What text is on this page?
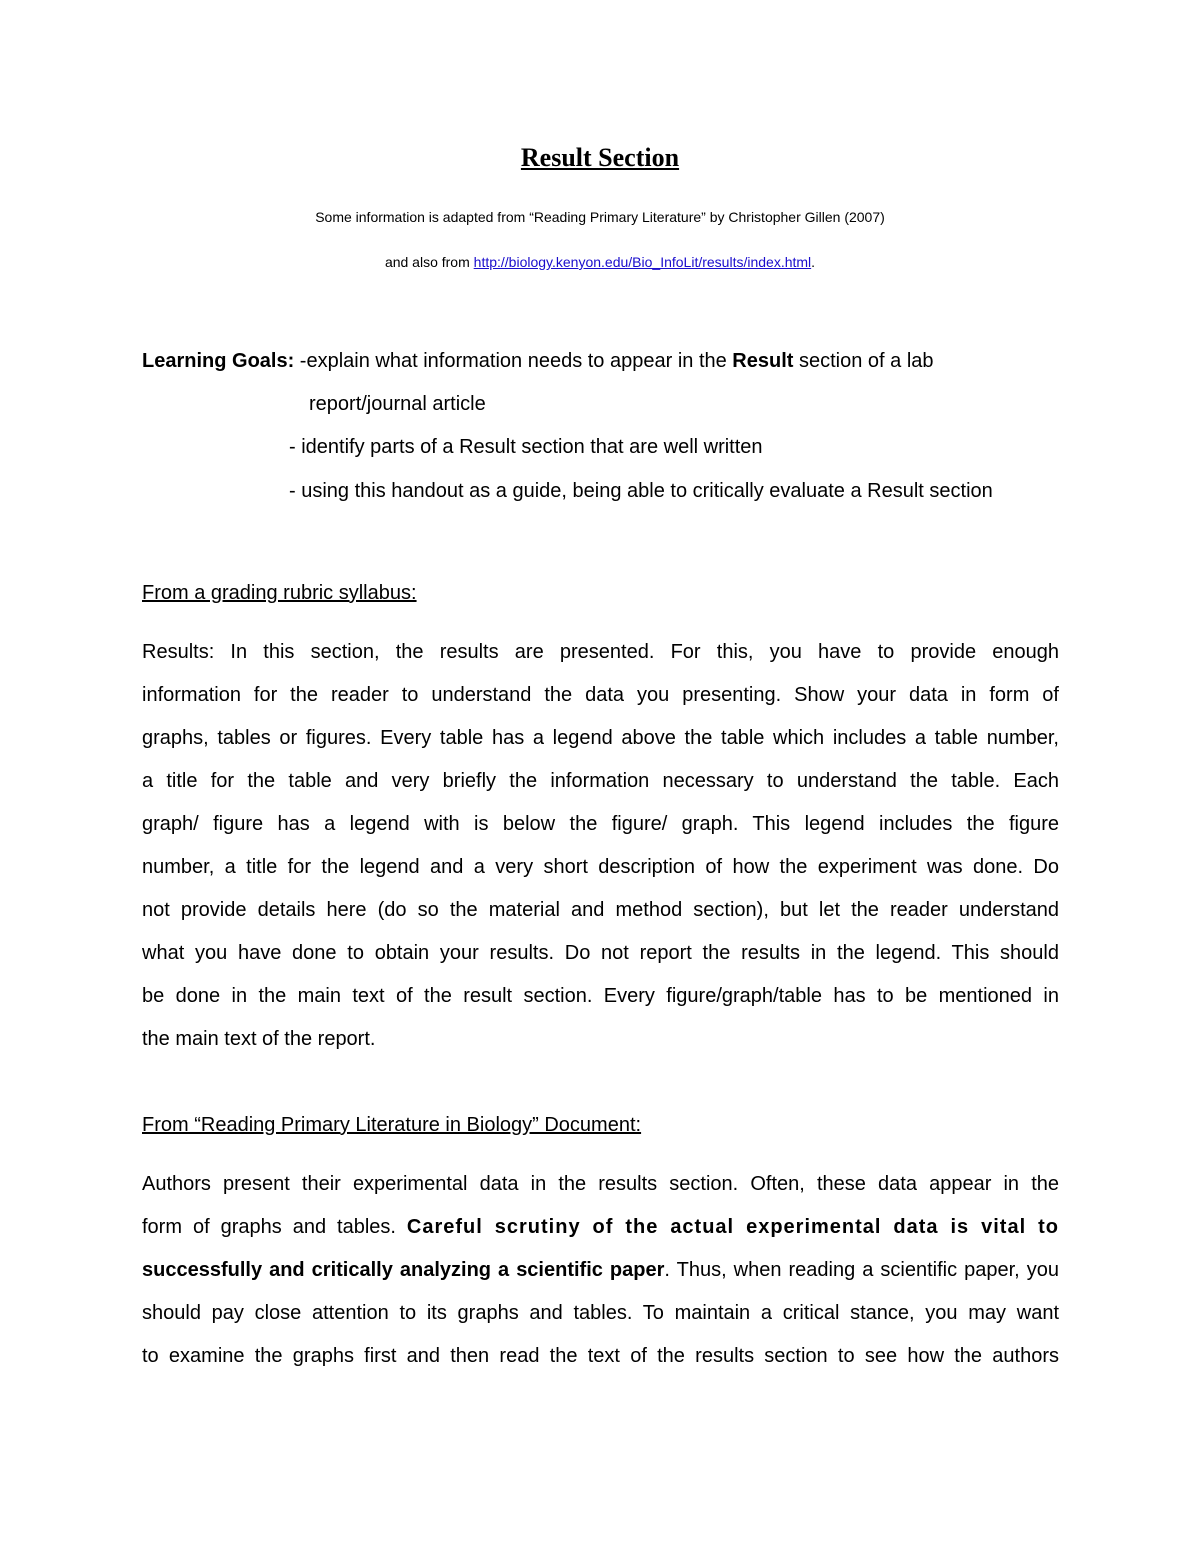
Result Section
Some information is adapted from “Reading Primary Literature” by Christopher Gillen (2007)
and also from http://biology.kenyon.edu/Bio_InfoLit/results/index.html.
Learning Goals: -explain what information needs to appear in the Result section of a lab
report/journal article
- identify parts of a Result section that are well written
- using this handout as a guide, being able to critically evaluate a Result section
From a grading rubric syllabus:
Results: In this section, the results are presented. For this, you have to provide enough
information for the reader to understand the data you presenting. Show your data in form of
graphs, tables or figures. Every table has a legend above the table which includes a table number,
a title for the table and very briefly the information necessary to understand the table. Each
graph/ figure has a legend with is below the figure/ graph. This legend includes the figure
number, a title for the legend and a very short description of how the experiment was done. Do
not provide details here (do so the material and method section), but let the reader understand
what you have done to obtain your results. Do not report the results in the legend. This should
be done in the main text of the result section. Every figure/graph/table has to be mentioned in
the main text of the report.
From “Reading Primary Literature in Biology” Document:
Authors present their experimental data in the results section. Often, these data appear in the
form of graphs and tables. Careful scrutiny of the actual experimental data is vital to
successfully and critically analyzing a scientific paper. Thus, when reading a scientific paper, you
should pay close attention to its graphs and tables. To maintain a critical stance, you may want
to examine the graphs first and then read the text of the results section to see how the authors
